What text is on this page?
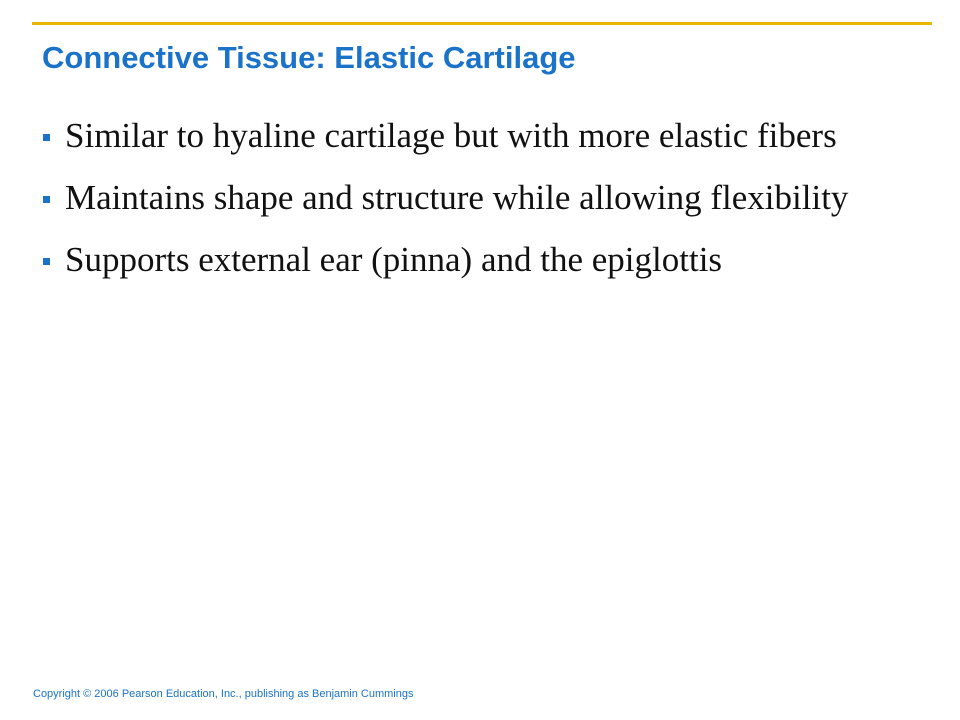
Connective Tissue: Elastic Cartilage
Similar to hyaline cartilage but with more elastic fibers
Maintains shape and structure while allowing flexibility
Supports external ear (pinna) and the epiglottis

Copyright © 2006 Pearson Education, Inc., publishing as Benjamin Cummings
